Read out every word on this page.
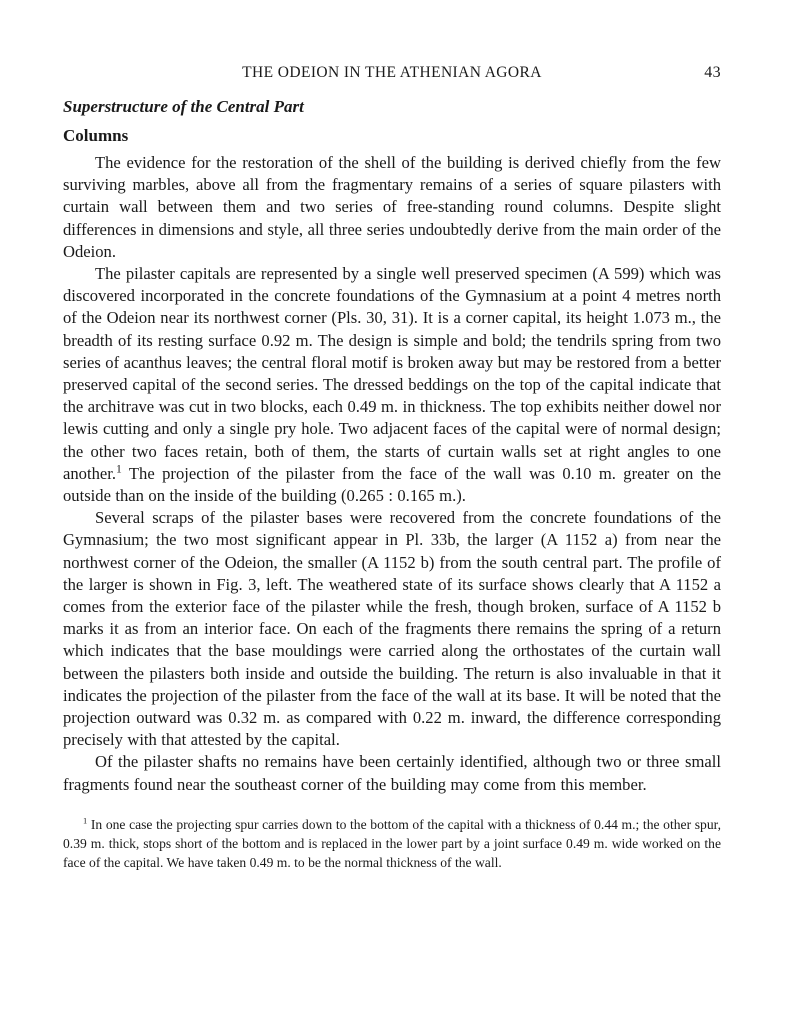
THE ODEION IN THE ATHENIAN AGORA	43
Superstructure of the Central Part
Columns

The evidence for the restoration of the shell of the building is derived chiefly from the few surviving marbles, above all from the fragmentary remains of a series of square pilasters with curtain wall between them and two series of free-standing round columns. Despite slight differences in dimensions and style, all three series undoubtedly derive from the main order of the Odeion.

The pilaster capitals are represented by a single well preserved specimen (A 599) which was discovered incorporated in the concrete foundations of the Gymnasium at a point 4 metres north of the Odeion near its northwest corner (Pls. 30, 31). It is a corner capital, its height 1.073 m., the breadth of its resting surface 0.92 m. The design is simple and bold; the tendrils spring from two series of acanthus leaves; the central floral motif is broken away but may be restored from a better preserved capital of the second series. The dressed beddings on the top of the capital indicate that the architrave was cut in two blocks, each 0.49 m. in thickness. The top exhibits neither dowel nor lewis cutting and only a single pry hole. Two adjacent faces of the capital were of normal design; the other two faces retain, both of them, the starts of curtain walls set at right angles to one another.$^1$ The projection of the pilaster from the face of the wall was 0.10 m. greater on the outside than on the inside of the building (0.265 : 0.165 m.).

Several scraps of the pilaster bases were recovered from the concrete foundations of the Gymnasium; the two most significant appear in Pl. 33b, the larger (A 1152 a) from near the northwest corner of the Odeion, the smaller (A 1152 b) from the south central part. The profile of the larger is shown in Fig. 3, left. The weathered state of its surface shows clearly that A 1152 a comes from the exterior face of the pilaster while the fresh, though broken, surface of A 1152 b marks it as from an interior face. On each of the fragments there remains the spring of a return which indicates that the base mouldings were carried along the orthostates of the curtain wall between the pilasters both inside and outside the building. The return is also invaluable in that it indicates the projection of the pilaster from the face of the wall at its base. It will be noted that the projection outward was 0.32 m. as compared with 0.22 m. inward, the difference corresponding precisely with that attested by the capital.

Of the pilaster shafts no remains have been certainly identified, although two or three small fragments found near the southeast corner of the building may come from this member.

$^1$ In one case the projecting spur carries down to the bottom of the capital with a thickness of 0.44 m.; the other spur, 0.39 m. thick, stops short of the bottom and is replaced in the lower part by a joint surface 0.49 m. wide worked on the face of the capital. We have taken 0.49 m. to be the normal thickness of the wall.
